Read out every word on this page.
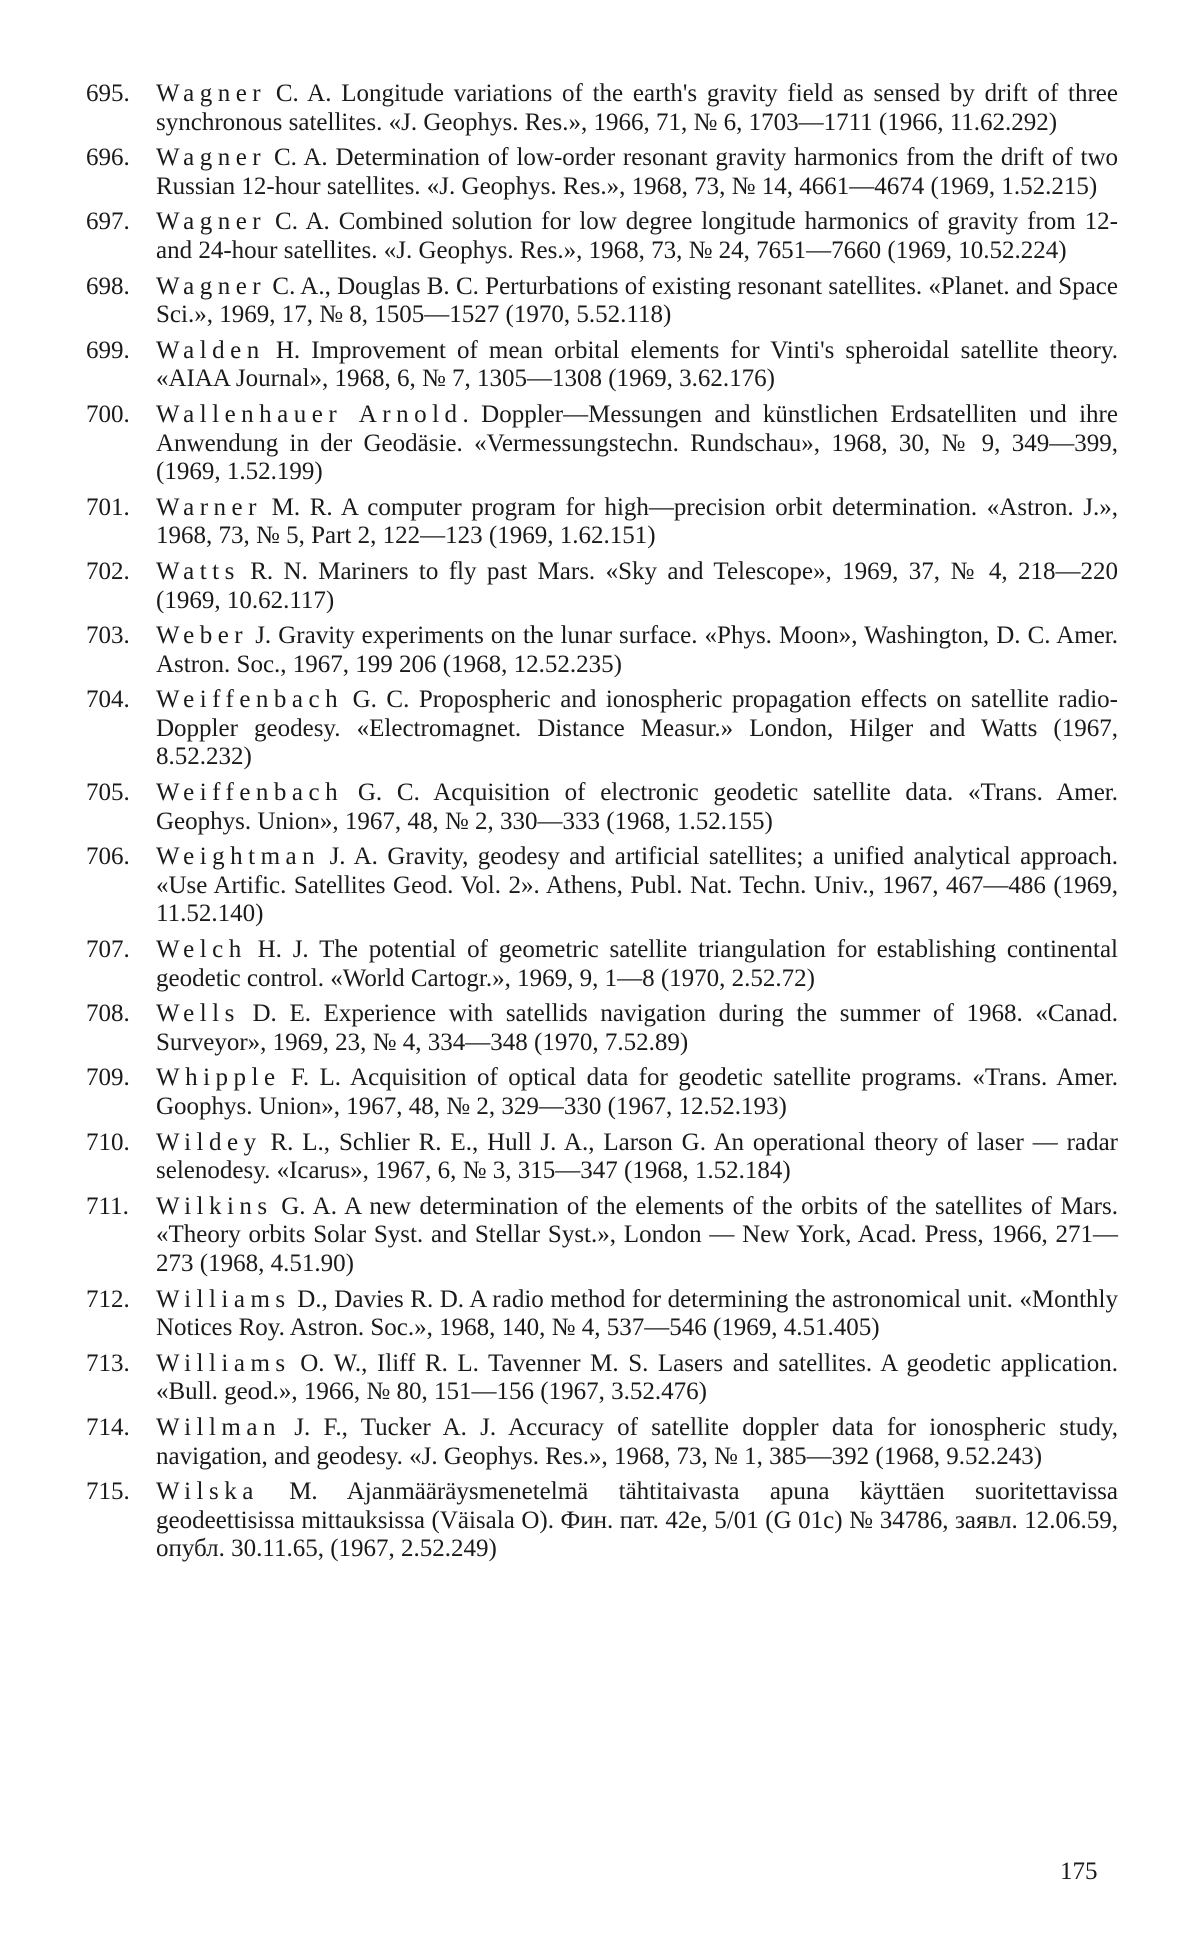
695.	Wagner C. A. Longitude variations of the earth's gravity field as sensed by drift of three synchronous satellites. «J. Geophys. Res.», 1966, 71, № 6, 1703—1711 (1966, 11.62.292)
696.	Wagner C. A. Determination of low-order resonant gravity harmonics from the drift of two Russian 12-hour satellites. «J. Geophys. Res.», 1968, 73, № 14, 4661—4674 (1969, 1.52.215)
697.	Wagner C. A. Combined solution for low degree longitude harmonics of gravity from 12- and 24-hour satellites. «J. Geophys. Res.», 1968, 73, № 24, 7651—7660 (1969, 10.52.224)
698.	Wagner C. A., Douglas B. C. Perturbations of existing resonant satellites. «Planet. and Space Sci.», 1969, 17, № 8, 1505—1527 (1970, 5.52.118)
699.	Walden H. Improvement of mean orbital elements for Vinti's spheroidal satellite theory. «AIAA Journal», 1968, 6, № 7, 1305—1308 (1969, 3.62.176)
700.	Wallenhauer Arnold. Doppler—Messungen and künstlichen Erdsatelliten und ihre Anwendung in der Geodäsie. «Vermessungstechn. Rundschau», 1968, 30, № 9, 349—399, (1969, 1.52.199)
701.	Warner M. R. A computer program for high—precision orbit determination. «Astron. J.», 1968, 73, № 5, Part 2, 122—123 (1969, 1.62.151)
702.	Watts R. N. Mariners to fly past Mars. «Sky and Telescope», 1969, 37, № 4, 218—220 (1969, 10.62.117)
703.	Weber J. Gravity experiments on the lunar surface. «Phys. Moon», Washington, D. C. Amer. Astron. Soc., 1967, 199 206 (1968, 12.52.235)
704.	Weiffenbach G. C. Propospheric and ionospheric propagation effects on satellite radio-Doppler geodesy. «Electromagnet. Distance Measur.» London, Hilger and Watts (1967, 8.52.232)
705.	Weiffenbach G. C. Acquisition of electronic geodetic satellite data. «Trans. Amer. Geophys. Union», 1967, 48, № 2, 330—333 (1968, 1.52.155)
706.	Weightman J. A. Gravity, geodesy and artificial satellites; a unified analytical approach. «Use Artific. Satellites Geod. Vol. 2». Athens, Publ. Nat. Techn. Univ., 1967, 467—486 (1969, 11.52.140)
707.	Welch H. J. The potential of geometric satellite triangulation for establishing continental geodetic control. «World Cartogr.», 1969, 9, 1—8 (1970, 2.52.72)
708.	Wells D. E. Experience with satellids navigation during the summer of 1968. «Canad. Surveyor», 1969, 23, № 4, 334—348 (1970, 7.52.89)
709.	Whipple F. L. Acquisition of optical data for geodetic satellite programs. «Trans. Amer. Goophys. Union», 1967, 48, № 2, 329—330 (1967, 12.52.193)
710.	Wildey R. L., Schlier R. E., Hull J. A., Larson G. An operational theory of laser — radar selenodesy. «Icarus», 1967, 6, № 3, 315—347 (1968, 1.52.184)
711.	Wilkins G. A. A new determination of the elements of the orbits of the satellites of Mars. «Theory orbits Solar Syst. and Stellar Syst.», London — New York, Acad. Press, 1966, 271—273 (1968, 4.51.90)
712.	Williams D., Davies R. D. A radio method for determining the astronomical unit. «Monthly Notices Roy. Astron. Soc.», 1968, 140, № 4, 537—546 (1969, 4.51.405)
713.	Williams O. W., Iliff R. L. Tavenner M. S. Lasers and satellites. A geodetic application. «Bull. geod.», 1966, № 80, 151—156 (1967, 3.52.476)
714.	Willman J. F., Tucker A. J. Accuracy of satellite doppler data for ionospheric study, navigation, and geodesy. «J. Geophys. Res.», 1968, 73, № 1, 385—392 (1968, 9.52.243)
715.	Wilska M. Ajanmääräysmenetelmä tähtitaivasta apuna käyttäen suoritettavissa geodeettisissa mittauksissa (Väisala O). Фин. пат. 42е, 5/01 (G 01с) № 34786, заявл. 12.06.59, опубл. 30.11.65, (1967, 2.52.249)
175
